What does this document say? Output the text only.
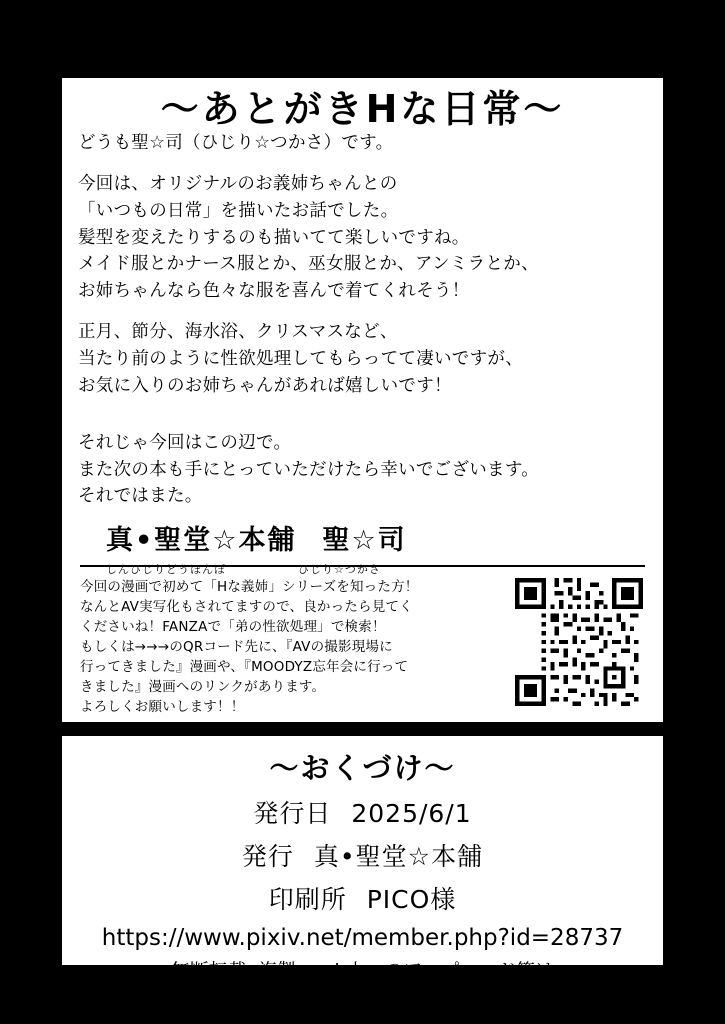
〜あとがきHな日常〜

どうも聖☆司（ひじり☆つかさ）です。

今回は、オリジナルのお義姉ちゃんとの

「いつもの日常」を描いたお話でした。

髪型を変えたりするのも描いてて楽しいですね。

メイド服とかナース服とか、巫女服とか、アンミラとか、

お姉ちゃんなら色々な服を喜んで着てくれそう！

正月、節分、海水浴、クリスマスなど、

当たり前のように性欲処理してもらってて凄いですが、

お気に入りのお姉ちゃんがあれば嬉しいです！

それじゃ今回はこの辺で。

また次の本も手にとっていただけたら幸いでございます。

それではまた。

真•聖堂☆本舗 聖☆司
しんひじりどうほんぽ	ひじり☆つかさ

今回の漫画で初めて「Hな義姉」シリーズを知った方！

なんとAV実写化もされてますので、良かったら見てく

くださいね！FANZAで「弟の性欲処理」で検索！

もしくは→→→のQRコード先に、『AVの撮影現場に

行ってきました』漫画や、『MOODYZ忘年会に行って

きました』漫画へのリンクがあります。

よろしくお願いします！！

〜おくづけ〜
発行日 2025/6/1
発行 真•聖堂☆本舗
印刷所 PICO様
https://www.pixiv.net/member.php?id=28737
無断転載•複製•web上へのアップロード等は
しないでください。
